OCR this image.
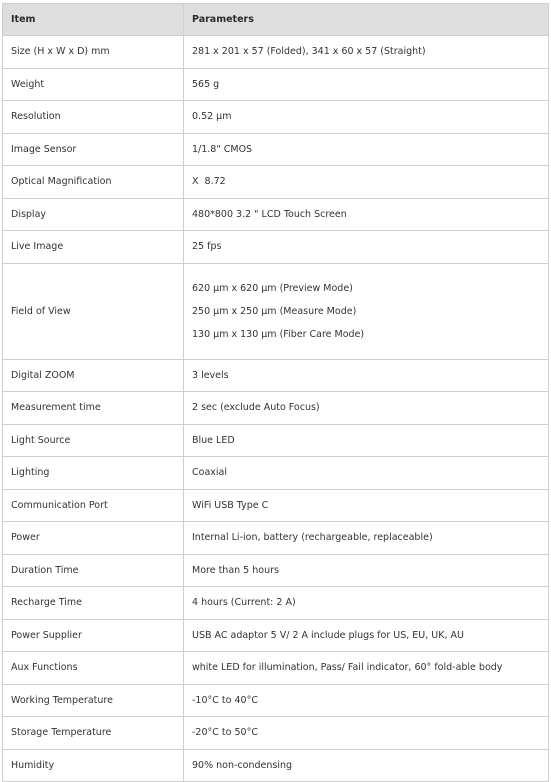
Item	Parameters
Size (H x W x D) mm	281 x 201 x 57 (Folded), 341 x 60 x 57 (Straight)
Weight	565 g
Resolution	0.52 μm
Image Sensor	1/1.8" CMOS
Optical Magnification	X  8.72
Display	480*800 3.2 " LCD Touch Screen
Live Image	25 fps
Field of View	620 μm x 620 μm (Preview Mode)
250 μm x 250 μm (Measure Mode)
130 μm x 130 μm (Fiber Care Mode)

Digital ZOOM	3 levels
Measurement time	2 sec (exclude Auto Focus)
Light Source	Blue LED
Lighting	Coaxial
Communication Port	WiFi USB Type C
Power	Internal Li-ion, battery (rechargeable, replaceable)
Duration Time	More than 5 hours
Recharge Time	4 hours (Current: 2 A)
Power Supplier	USB AC adaptor 5 V/ 2 A include plugs for US, EU, UK, AU
Aux Functions	white LED for illumination, Pass/ Fail indicator, 60° fold-able body
Working Temperature	-10°C to 40°C
Storage Temperature	-20°C to 50°C
Humidity	90% non-condensing
